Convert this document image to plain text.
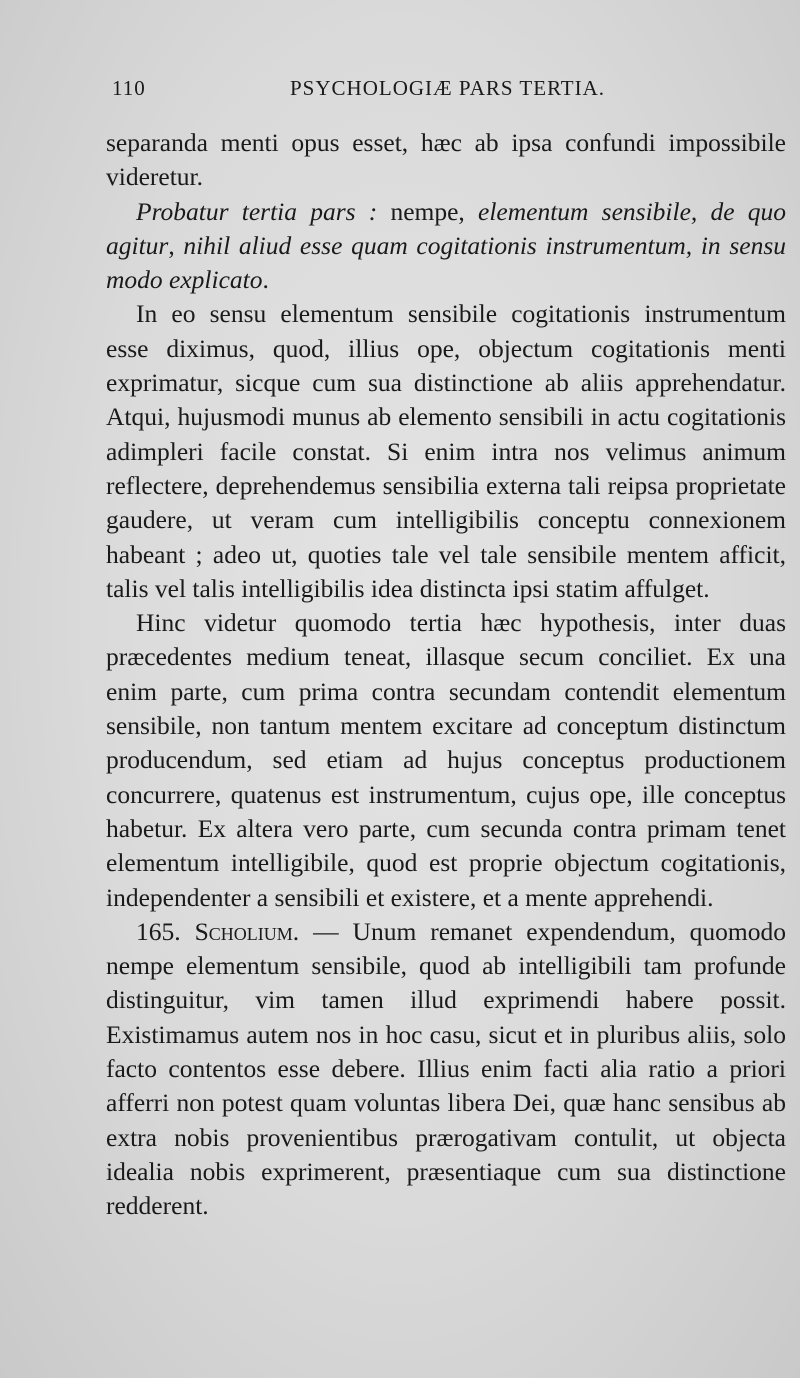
110	PSYCHOLOGIÆ PARS TERTIA.

separanda menti opus esset, hæc ab ipsa confundi impossibile videretur.

Probatur tertia pars : nempe, elementum sensibile, de quo agitur, nihil aliud esse quam cogitationis instrumentum, in sensu modo explicato.

In eo sensu elementum sensibile cogitationis instrumentum esse diximus, quod, illius ope, objectum cogitationis menti exprimatur, sicque cum sua distinctione ab aliis apprehendatur. Atqui, hujusmodi munus ab elemento sensibili in actu cogitationis adimpleri facile constat. Si enim intra nos velimus animum reflectere, deprehendemus sensibilia externa tali reipsa proprietate gaudere, ut veram cum intelligibilis conceptu connexionem habeant ; adeo ut, quoties tale vel tale sensibile mentem afficit, talis vel talis intelligibilis idea distincta ipsi statim affulget.

Hinc videtur quomodo tertia hæc hypothesis, inter duas præcedentes medium teneat, illasque secum conciliet. Ex una enim parte, cum prima contra secundam contendit elementum sensibile, non tantum mentem excitare ad conceptum distinctum producendum, sed etiam ad hujus conceptus productionem concurrere, quatenus est instrumentum, cujus ope, ille conceptus habetur. Ex altera vero parte, cum secunda contra primam tenet elementum intelligibile, quod est proprie objectum cogitationis, independenter a sensibili et existere, et a mente apprehendi.

165. Scholium. — Unum remanet expendendum, quomodo nempe elementum sensibile, quod ab intelligibili tam profunde distinguitur, vim tamen illud exprimendi habere possit. Existimamus autem nos in hoc casu, sicut et in pluribus aliis, solo facto contentos esse debere. Illius enim facti alia ratio a priori afferri non potest quam voluntas libera Dei, quæ hanc sensibus ab extra nobis provenientibus prærogativam contulit, ut objecta idealia nobis exprimerent, præsentiaque cum sua distinctione redderent.
